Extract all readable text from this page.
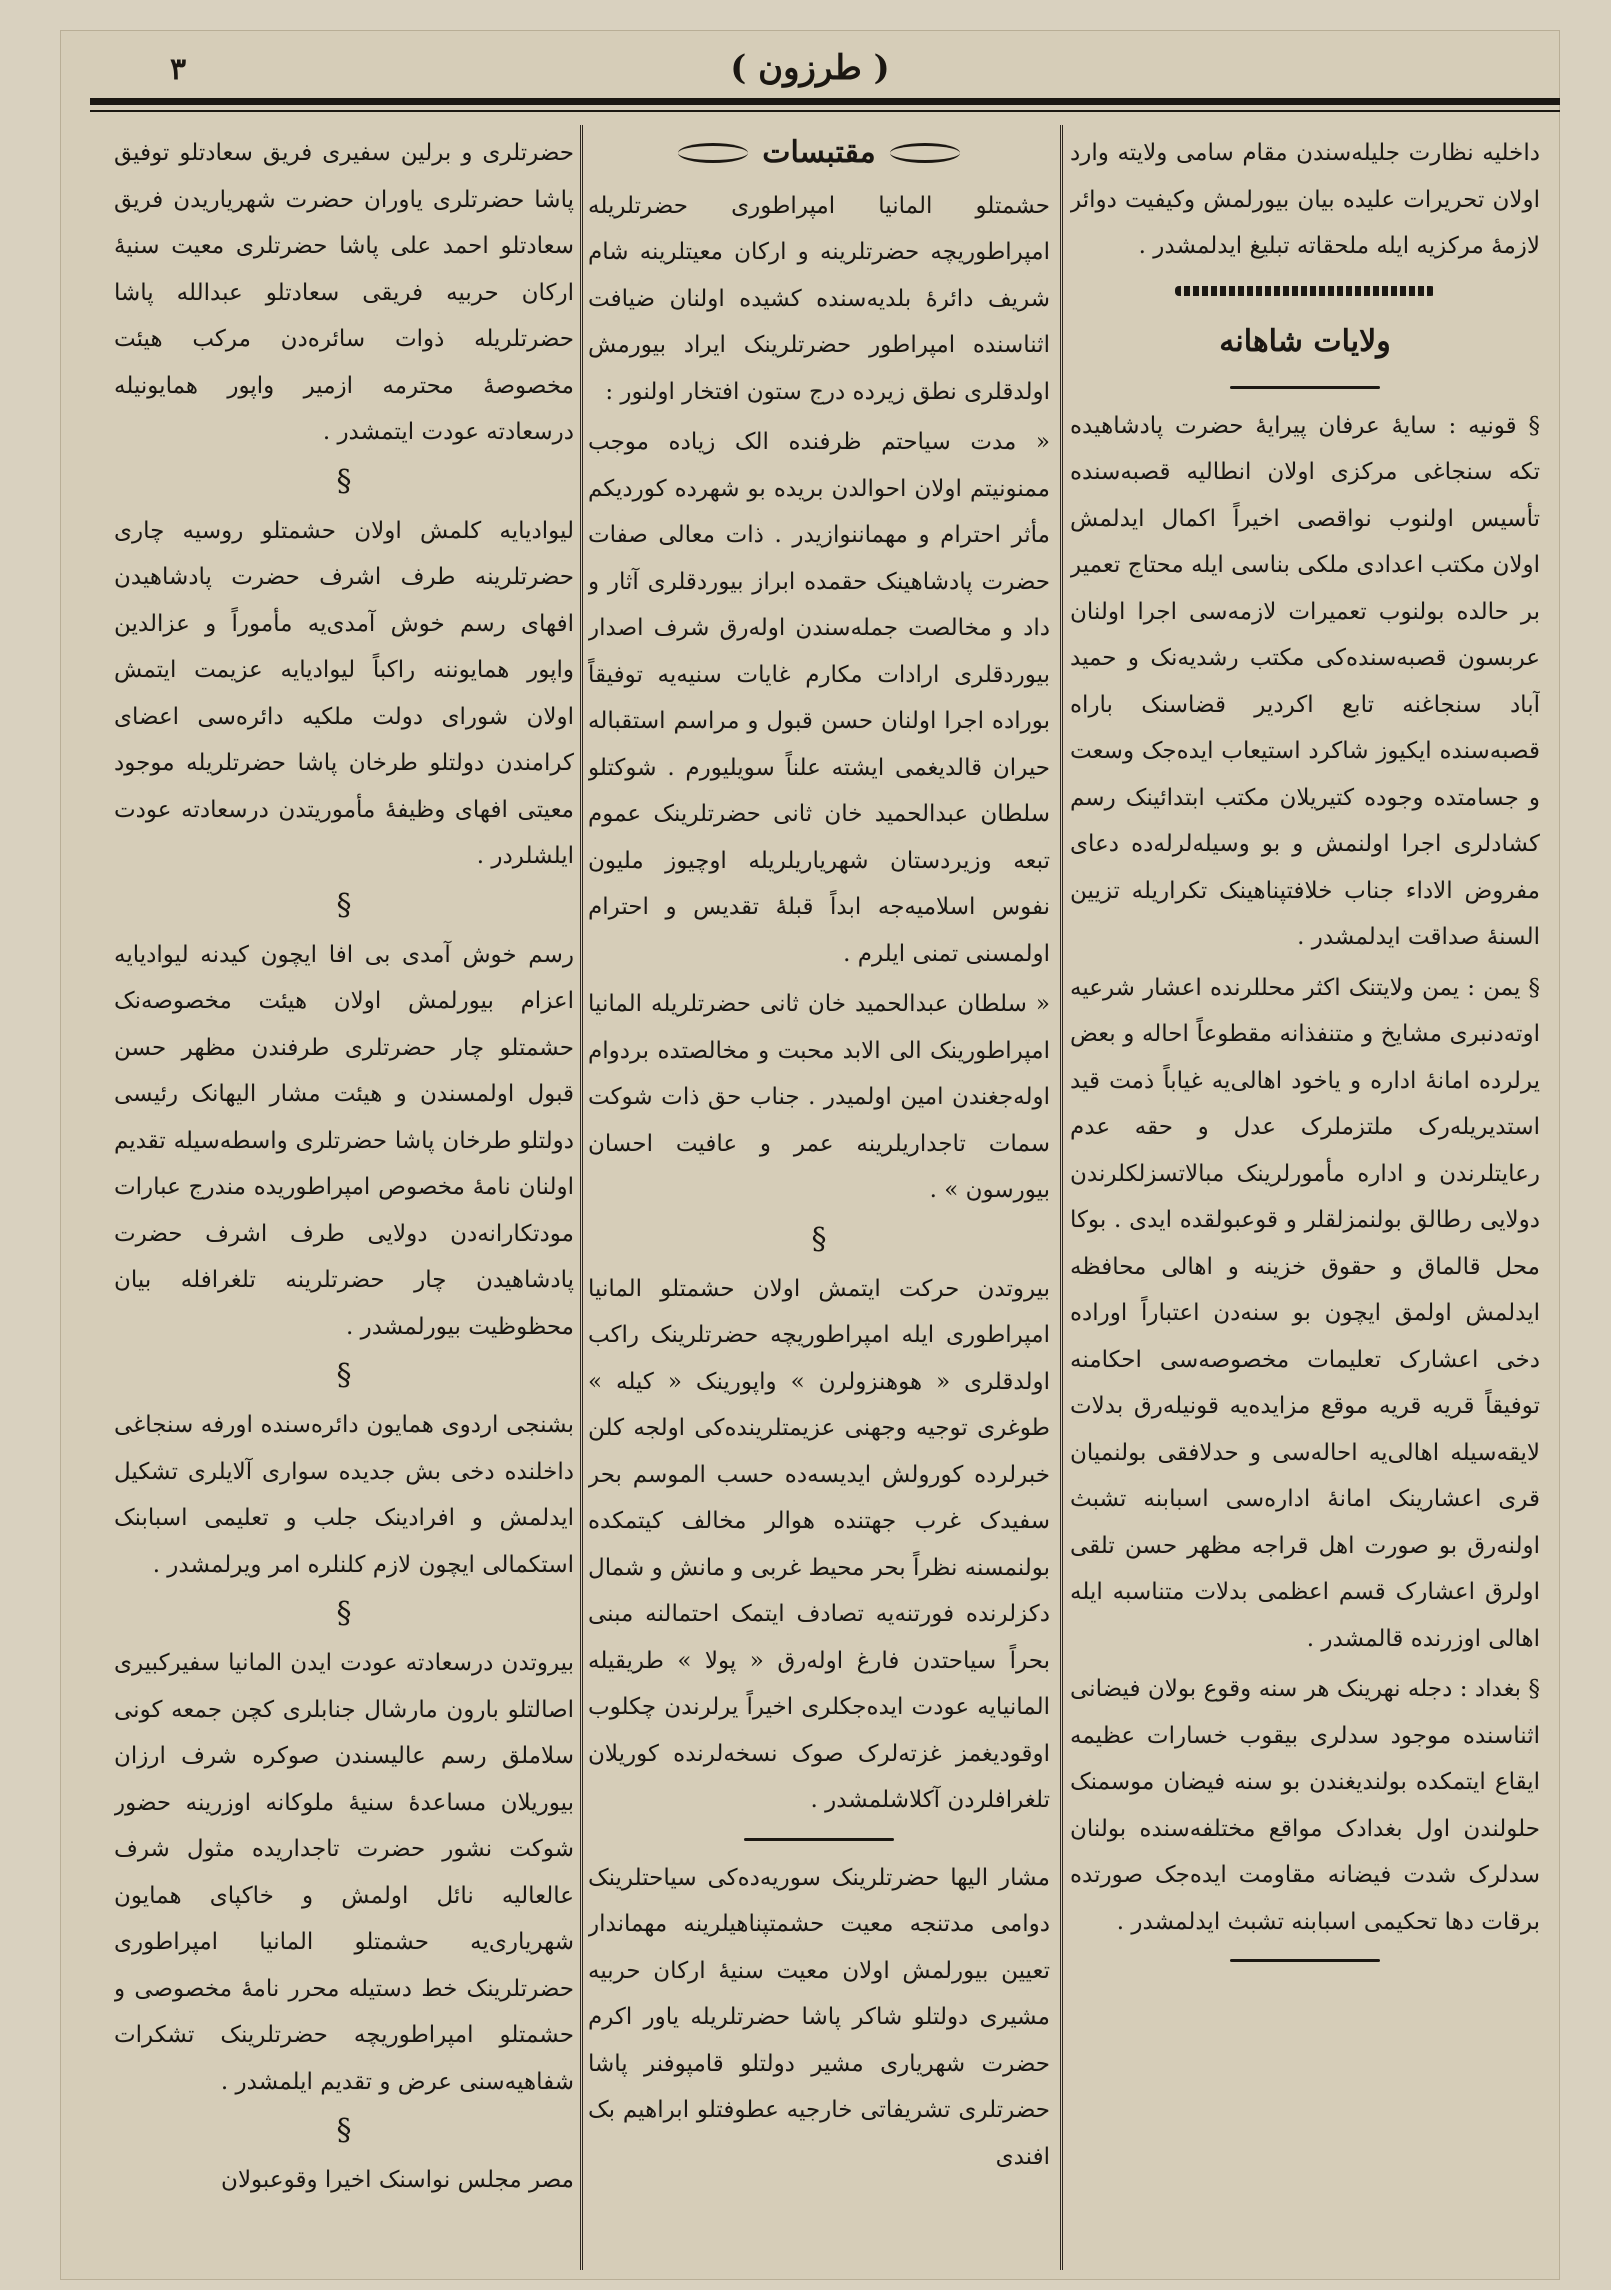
۳	( طرزون )

داخلیه نظارت جلیله‌سندن مقام سامی ولایته وارد اولان تحریرات علیده بیان بیورلمش وکیفیت دوائر لازمهٔ مرکزیه ایله ملحقاته تبلیغ ایدلمشدر .

ولایات شاهانه

§ قونیه : سایهٔ عرفان پیرایهٔ حضرت پادشاهیده تکه سنجاغی مرکزی اولان انطالیه قصبه‌سنده تأسیس اولنوب نواقصی اخیراً اکمال ایدلمش اولان مکتب اعدادی ملکی بناسی ایله محتاج تعمیر بر حالده بولنوب تعمیرات لازمه‌سی اجرا اولنان عربسون قصبه‌سنده‌کی مکتب رشدیه‌نک و حمید آباد سنجاغنه تابع اکردیر قضاسنک باراه قصبه‌سنده ایکیوز شاکرد استیعاب ایده‌جک وسعت و جسامتده وجوده کتیریلان مکتب ابتدائینک رسم کشادلری اجرا اولنمش و بو وسیله‌لرله‌ده دعای مفروض الاداء جناب خلافتپناهینک تکراریله تزیین السنهٔ صداقت ایدلمشدر .

§ یمن : یمن ولایتنک اکثر محللرنده اعشار شرعیه اوته‌دنبری مشایخ و متنفذانه مقطوعاً احاله و بعض یرلرده امانهٔ اداره و یاخود اهالی‌یه غیاباً ذمت قید استدیریله‌رک ملتزملرک عدل و حقه عدم رعایتلرندن و اداره مأمورلرینک مبالاتسزلکلرندن دولایی رطالق بولنمزلقلر و قوعبولقده ایدی . بوکا محل قالماق و حقوق خزینه و اهالی محافظه ایدلمش اولمق ایچون بو سنه‌دن اعتباراً اوراده دخی اعشارک تعلیمات مخصوصه‌سی احکامنه توفیقاً قریه قریه موقع مزایده‌یه قونیله‌رق بدلات لایقه‌سیله اهالی‌یه احاله‌سی و حدلافقی بولنمیان قری اعشارینک امانهٔ اداره‌سی اسبابنه تشبث اولنه‌رق بو صورت اهل قراجه مظهر حسن تلقی اولرق اعشارک قسم اعظمی بدلات متناسبه ایله اهالی اوزرنده قالمشدر .

§ بغداد : دجله نهرینک هر سنه وقوع بولان فیضانی اثناسنده موجود سدلری بیقوب خسارات عظیمه ایقاع ایتمکده بولندیغندن بو سنه فیضان موسمنک حلولندن اول بغدادک مواقع مختلفه‌سنده بولنان سدلرک شدت فیضانه مقاومت ایده‌جک صورتده برقات دها تحکیمی اسبابنه تشبث ایدلمشدر .

مقتبسات

حشمتلو المانیا امپراطوری حضرتلریله امپراطوریچه حضرتلرینه و ارکان معیتلرینه شام شریف دائرهٔ بلدیه‌سنده کشیده اولنان ضیافت اثناسنده امپراطور حضرتلرینک ایراد بیورمش اولدقلری نطق زیرده درج ستون افتخار اولنور :

« مدت سیاحتم ظرفنده الک زیاده موجب ممنونیتم اولان احوالدن بریده بو شهرده کوردیکم مأثر احترام و مهماننوازیدر . ذات معالی صفات حضرت پادشاهینک حقمده ابراز بیوردقلری آثار و داد و مخالصت جمله‌سندن اوله‌رق شرف اصدار بیوردقلری ارادات مکارم غایات سنیه‌یه توفیقاً بوراده اجرا اولنان حسن قبول و مراسم استقباله حیران قالدیغمی ایشته علناً سویلیورم . شوکتلو سلطان عبدالحمید خان ثانی حضرتلرینک عموم تبعه وزیردستان شهریاریلریله اوچیوز ملیون نفوس اسلامیه‌جه ابداً قبلهٔ تقدیس و احترام اولمسنی تمنی ایلرم .

« سلطان عبدالحمید خان ثانی حضرتلریله المانیا امپراطورینک الی الابد محبت و مخالصتده بردوام اوله‌جغندن امین اولمیدر . جناب حق ذات شوکت سمات تاجداریلرینه عمر و عافیت احسان بیورسون » .

§

بیروتدن حرکت ایتمش اولان حشمتلو المانیا امپراطوری ایله امپراطوریچه حضرتلرینک راکب اولدقلری « هوهنزولرن » واپورینک « کیله » طوغری توجیه وجهنی عزیمتلرینده‌کی اولجه کلن خبرلرده کورولش ایدیسه‌ده حسب الموسم بحر سفیدک غرب جهتنده هوالر مخالف کیتمکده بولنمسنه نظراً بحر محیط غربی و مانش و شمال دکزلرنده فورتنه‌یه تصادف ایتمک احتمالنه مبنی بحراً سیاحتدن فارغ اوله‌رق « پولا » طریقیله المانیایه عودت ایده‌جکلری اخیراً یرلرندن چکلوب اوقودیغمز غزته‌لرک صوک نسخه‌لرنده کوریلان تلغرافلردن آکلاشلمشدر .

مشار الیها حضرتلرینک سوریه‌ده‌کی سیاحتلرینک دوامی مدتنجه معیت حشمتپناهیلرینه مهماندار تعیین بیورلمش اولان معیت سنیهٔ ارکان حربیه مشیری دولتلو شاکر پاشا حضرتلریله یاور اکرم حضرت شهریاری مشیر دولتلو قامپوفنر پاشا حضرتلری تشریفاتی خارجیه عطوفتلو ابراهیم بک افندی

حضرتلری و برلین سفیری فریق سعادتلو توفیق پاشا حضرتلری یاوران حضرت شهریاریدن فریق سعادتلو احمد علی پاشا حضرتلری معیت سنیهٔ ارکان حربیه فریقی سعادتلو عبدالله پاشا حضرتلریله ذوات سائره‌دن مرکب هیئت مخصوصهٔ محترمه ازمیر واپور همایونیله درسعادته عودت ایتمشدر .

§

لیوادیایه کلمش اولان حشمتلو روسیه چاری حضرتلرینه طرف اشرف حضرت پادشاهیدن افهای رسم خوش آمدی‌یه مأموراً و عزالدین واپور همایوننه راکباً لیوادیایه عزیمت ایتمش اولان شورای دولت ملکیه دائره‌سی اعضای کرامندن دولتلو طرخان پاشا حضرتلریله موجود معیتی افهای وظیفهٔ مأموریتدن درسعادته عودت ایلشلردر .

§

رسم خوش آمدی بی افا ایچون کیدنه لیوادیایه اعزام بیورلمش اولان هیئت مخصوصه‌نک حشمتلو چار حضرتلری طرفندن مظهر حسن قبول اولمسندن و هیئت مشار الیهانک رئیسی دولتلو طرخان پاشا حضرتلری واسطه‌سیله تقدیم اولنان نامهٔ مخصوص امپراطوریده مندرج عبارات مودتکارانه‌دن دولایی طرف اشرف حضرت پادشاهیدن چار حضرتلرینه تلغرافله بیان محظوظیت بیورلمشدر .

§

بشنجی اردوی همایون دائره‌سنده اورفه سنجاغی داخلنده دخی بش جدیده سواری آلایلری تشکیل ایدلمش و افرادینک جلب و تعلیمی اسبابنک استکمالی ایچون لازم کلنلره امر ویرلمشدر .

§

بیروتدن درسعادته عودت ایدن المانیا سفیرکبیری اصالتلو بارون مارشال جنابلری کچن جمعه کونی سلاملق رسم عالیسندن صوکره شرف ارزان بیوریلان مساعدهٔ سنیهٔ ملوکانه اوزرینه حضور شوکت نشور حضرت تاجداریده مثول شرف عالعالیه نائل اولمش و خاکپای همایون شهریاری‌یه حشمتلو المانیا امپراطوری حضرتلرینک خط دستیله محرر نامهٔ مخصوصی و حشمتلو امپراطوریچه حضرتلرینک تشکرات شفاهیه‌سنی عرض و تقدیم ایلمشدر .

§

مصر مجلس نواسنک اخیرا وقوعبولان
